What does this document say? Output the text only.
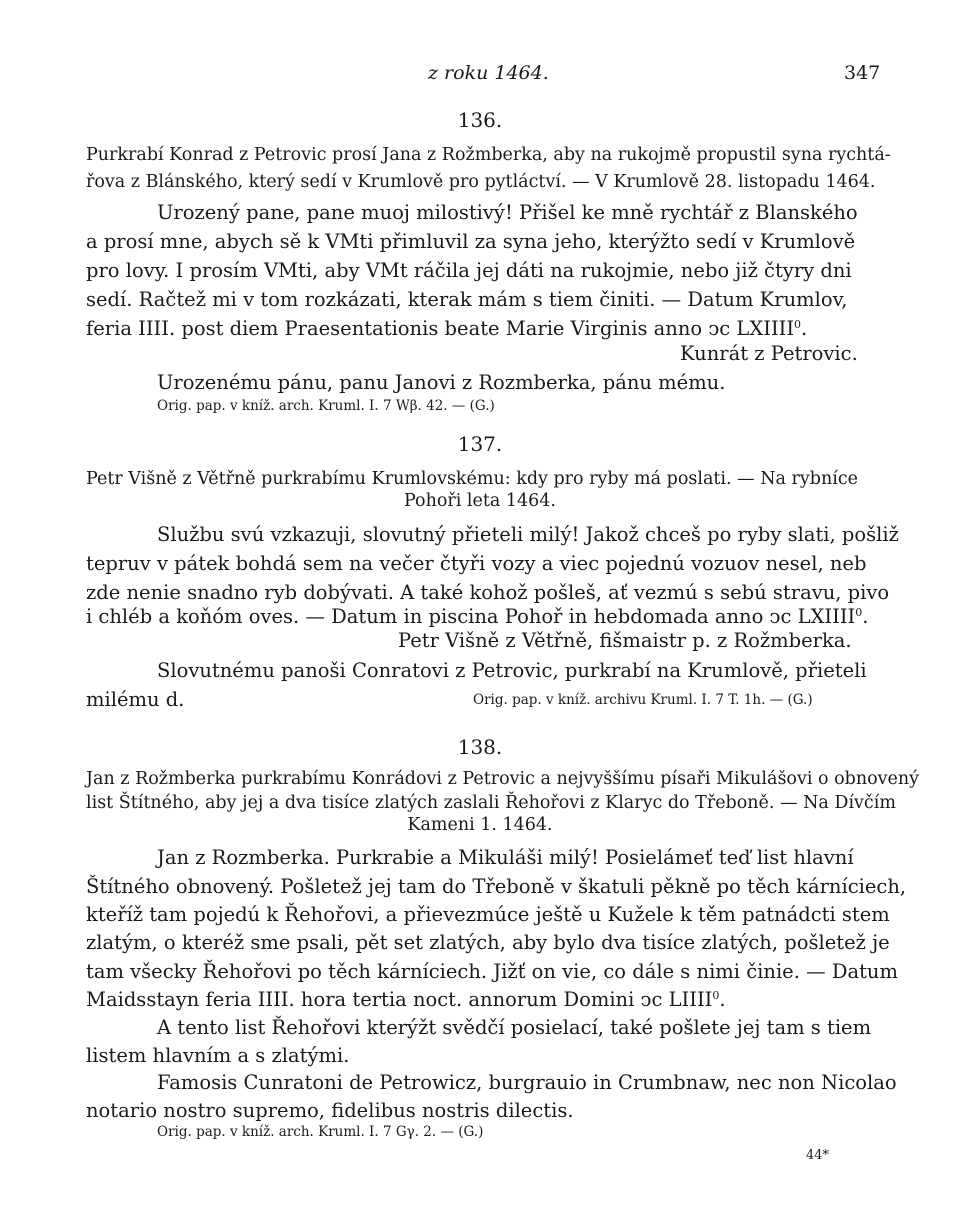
z roku 1464.	347
136.
Purkrabí Konrad z Petrovic prosí Jana z Rožmberka, aby na rukojmě propustil syna rychtá-
řova z Blánského, který sedí v Krumlově pro pytláctví. — V Krumlově 28. listopadu 1464.
Urozený pane, pane muoj milostivý! Přišel ke mně rychtář z Blanského
a prosí mne, abych sě k VMti přimluvil za syna jeho, kterýžto sedí v Krumlově
pro lovy. I prosím VMti, aby VMt ráčila jej dáti na rukojmie, nebo již čtyry dni
sedí. Račtež mi v tom rozkázati, kterak mám s tiem činiti. — Datum Krumlov,
feria IIII. post diem Praesentationis beate Marie Virginis anno ↄc LXIIII$^0$.
Kunrát z Petrovic.
Urozenému pánu, panu Janovi z Rozmberka, pánu mému.
Orig. pap. v kníž. arch. Kruml. I. 7 Wβ. 42. — (G.)
137.
Petr Višně z Větřně purkrabímu Krumlovskému: kdy pro ryby má poslati. — Na rybníce
Pohoři leta 1464.
Službu svú vzkazuji, slovutný přieteli milý! Jakož chceš po ryby slati, pošliž
tepruv v pátek bohdá sem na večer čtyři vozy a viec pojednú vozuov nesel, neb
zde nenie snadno ryb dobývati. A také kohož pošleš, ať vezmú s sebú stravu, pivo
i chléb a koňóm oves. — Datum in piscina Pohoř in hebdomada anno ↄc LXIIII$^0$.
Petr Višně z Větřně, fišmaistr p. z Rožmberka.
Slovutnému panoši Conratovi z Petrovic, purkrabí na Krumlově, přieteli
milému d.	Orig. pap. v kníž. archivu Kruml. I. 7 T. 1h. — (G.)
138.
Jan z Rožmberka purkrabímu Konrádovi z Petrovic a nejvyššímu písaři Mikulášovi o obnovený
list Štítného, aby jej a dva tisíce zlatých zaslali Řehořovi z Klaryc do Třeboně. — Na Dívčím
Kameni 1. 1464.
Jan z Rozmberka. Purkrabie a Mikuláši milý! Posielámeť teď list hlavní
Štítného obnovený. Pošletež jej tam do Třeboně v škatuli pěkně po těch kárníciech,
kteříž tam pojedú k Řehořovi, a přievezmúce ještě u Kužele k těm patnádcti stem
zlatým, o kteréž sme psali, pět set zlatých, aby bylo dva tisíce zlatých, pošletež je
tam všecky Řehořovi po těch kárníciech. Jižť on vie, co dále s nimi činie. — Datum
Maidsstayn feria IIII. hora tertia noct. annorum Domini ↄc LIIII$^0$.
A tento list Řehořovi kterýžt svědčí posielací, také pošlete jej tam s tiem
listem hlavním a s zlatými.
Famosis Cunratoni de Petrowicz, burgrauio in Crumbnaw, nec non Nicolao
notario nostro supremo, fidelibus nostris dilectis.
Orig. pap. v kníž. arch. Kruml. I. 7 Gγ. 2. — (G.)
44*
